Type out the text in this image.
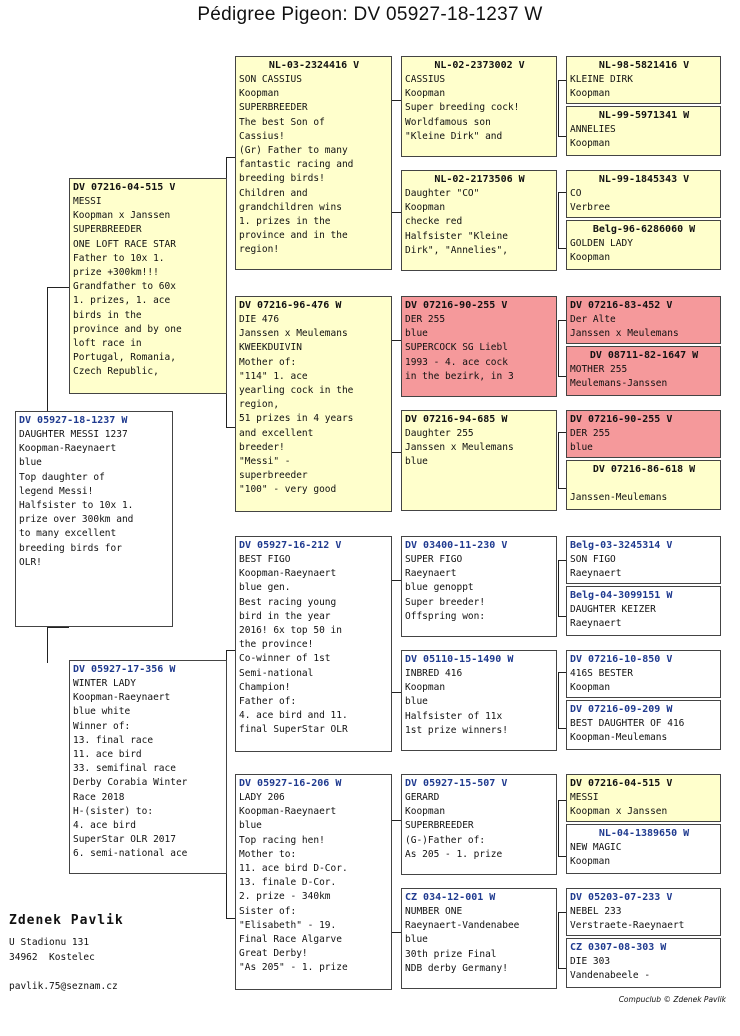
Pédigree Pigeon: DV 05927-18-1237 W
DV 05927-18-1237 W
DAUGHTER MESSI 1237
Koopman-Raeynaert
blue
Top daughter of
legend Messi!
Halfsister to 10x 1.
prize over 300km and
to many excellent
breeding birds for
OLR!
DV 07216-04-515 V
MESSI
Koopman x Janssen
SUPERBREEDER
ONE LOFT RACE STAR
Father to 10x 1.
prize +300km!!!
Grandfather to 60x
1. prizes, 1. ace
birds in the
province and by one
loft race in
Portugal, Romania,
Czech Republic,
DV 05927-17-356 W
WINTER LADY
Koopman-Raeynaert
blue white
Winner of:
13. final race
11. ace bird
33. semifinal race
Derby Corabia Winter
Race 2018
H-(sister) to:
4. ace bird
SuperStar OLR 2017
6. semi-national ace
NL-03-2324416 V
SON CASSIUS
Koopman
SUPERBREEDER
The best Son of
Cassius!
(Gr) Father to many
fantastic racing and
breeding birds!
Children and
grandchildren wins
1. prizes in the
province and in the
region!
DV 07216-96-476 W
DIE 476
Janssen x Meulemans
KWEEKDUIVIN
Mother of:
"114" 1. ace
yearling cock in the
region,
51 prizes in 4 years
and excellent
breeder!
"Messi" -
superbreeder
"100" - very good
DV 05927-16-212 V
BEST FIGO
Koopman-Raeynaert
blue gen.
Best racing young
bird in the year
2016! 6x top 50 in
the province!
Co-winner of 1st
Semi-national
Champion!
Father of:
4. ace bird and 11.
final SuperStar OLR
DV 05927-16-206 W
LADY 206
Koopman-Raeynaert
blue
Top racing hen!
Mother to:
11. ace bird D-Cor.
13. finale D-Cor.
2. prize - 340km
Sister of:
"Elisabeth" - 19.
Final Race Algarve
Great Derby!
"As 205" - 1. prize
NL-02-2373002 V
CASSIUS
Koopman
Super breeding cock!
Worldfamous son
"Kleine Dirk" and
NL-02-2173506 W
Daughter "CO"
Koopman
checke red
Halfsister "Kleine
Dirk", "Annelies",
DV 07216-90-255 V
DER 255
blue
SUPERCOCK SG Liebl
1993 - 4. ace cock
in the bezirk, in 3
DV 07216-94-685 W
Daughter 255
Janssen x Meulemans
blue
DV 03400-11-230 V
SUPER FIGO
Raeynaert
blue genoppt
Super breeder!
Offspring won:
DV 05110-15-1490 W
INBRED 416
Koopman
blue
Halfsister of 11x
1st prize winners!
DV 05927-15-507 V
GERARD
Koopman
SUPERBREEDER
(G-)Father of:
As 205 - 1. prize
CZ 034-12-001 W
NUMBER ONE
Raeynaert-Vandenabee
blue
30th prize Final
NDB derby Germany!
NL-98-5821416 V
KLEINE DIRK
Koopman
NL-99-5971341 W
ANNELIES
Koopman
NL-99-1845343 V
CO
Verbree
Belg-96-6286060 W
GOLDEN LADY
Koopman
DV 07216-83-452 V
Der Alte
Janssen x Meulemans
DV 08711-82-1647 W
MOTHER 255
Meulemans-Janssen
DV 07216-90-255 V
DER 255
blue
DV 07216-86-618 W

Janssen-Meulemans
Belg-03-3245314 V
SON FIGO
Raeynaert
Belg-04-3099151 W
DAUGHTER KEIZER
Raeynaert
DV 07216-10-850 V
416S BESTER
Koopman
DV 07216-09-209 W
BEST DAUGHTER OF 416
Koopman-Meulemans
DV 07216-04-515 V
MESSI
Koopman x Janssen
NL-04-1389650 W
NEW MAGIC
Koopman
DV 05203-07-233 V
NEBEL 233
Verstraete-Raeynaert
CZ 0307-08-303 W
DIE 303
Vandenabeele -
Zdenek Pavlik
U Stadionu 131
34962  Kostelec
pavlik.75@seznam.cz
Compuclub © Zdenek Pavlik
